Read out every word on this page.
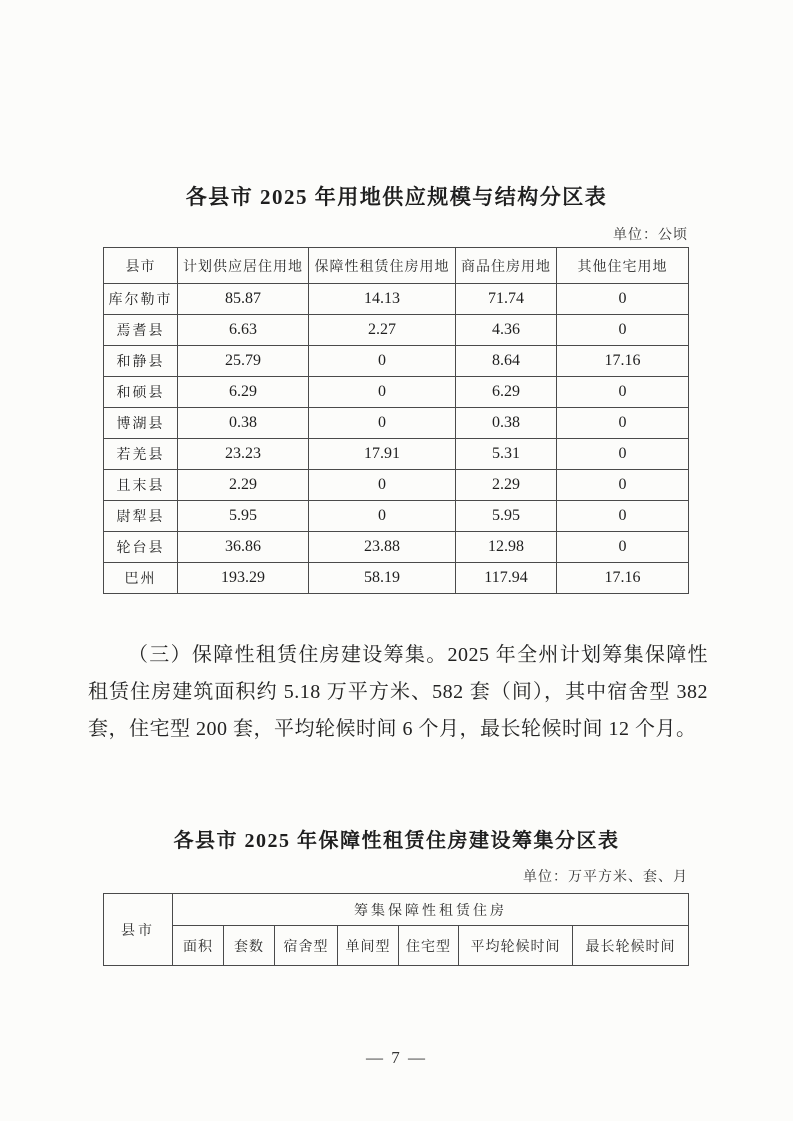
各县市 2025 年用地供应规模与结构分区表
单位：公顷
县市	计划供应居住用地	保障性租赁住房用地	商品住房用地	其他住宅用地
库尔勒市	85.87	14.13	71.74	0
焉耆县	6.63	2.27	4.36	0
和静县	25.79	0	8.64	17.16
和硕县	6.29	0	6.29	0
博湖县	0.38	0	0.38	0
若羌县	23.23	17.91	5.31	0
且末县	2.29	0	2.29	0
尉犁县	5.95	0	5.95	0
轮台县	36.86	23.88	12.98	0
巴州	193.29	58.19	117.94	17.16

（三）保障性租赁住房建设筹集。2025 年全州计划筹集保障性租赁住房建筑面积约 5.18 万平方米、582 套（间），其中宿舍型 382 套，住宅型 200 套，平均轮候时间 6 个月，最长轮候时间 12 个月。

各县市 2025 年保障性租赁住房建设筹集分区表
单位：万平方米、套、月
县市	筹集保障性租赁住房						
	面积	套数	宿舍型	单间型	住宅型	平均轮候时间	最长轮候时间
— 7 —
